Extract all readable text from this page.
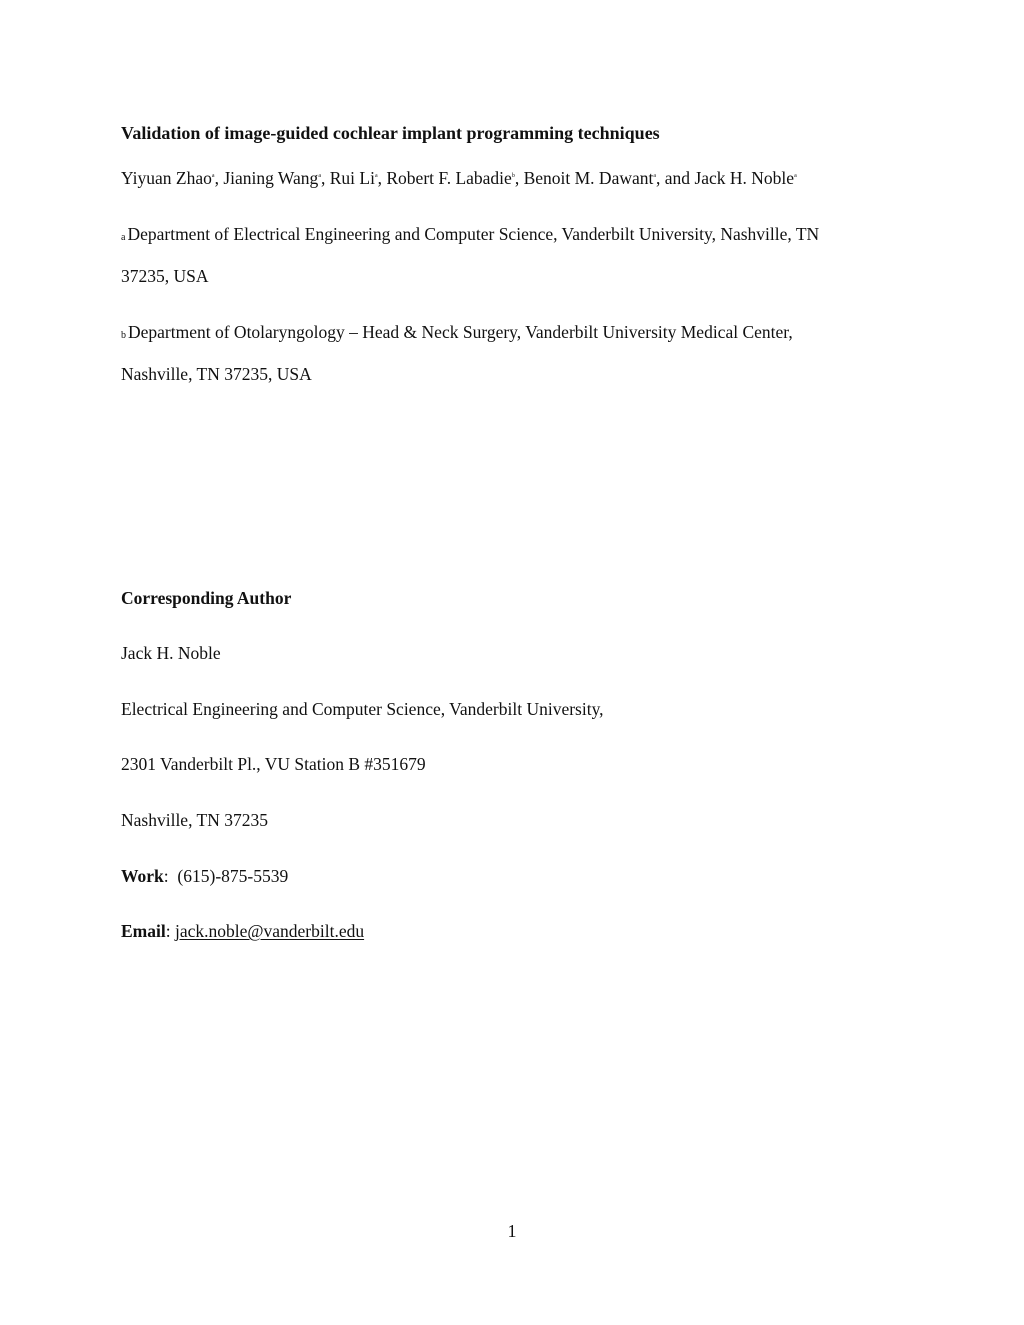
Validation of image-guided cochlear implant programming techniques
Yiyuan Zhao$^a$, Jianing Wang$^a$, Rui Li$^a$, Robert F. Labadie$^b$, Benoit M. Dawant$^a$, and Jack H. Noble$^a$
a Department of Electrical Engineering and Computer Science, Vanderbilt University, Nashville, TN
37235, USA
b Department of Otolaryngology – Head & Neck Surgery, Vanderbilt University Medical Center,
Nashville, TN 37235, USA
Corresponding Author
Jack H. Noble
Electrical Engineering and Computer Science, Vanderbilt University,
2301 Vanderbilt Pl., VU Station B #351679
Nashville, TN 37235
Work:  (615)-875-5539
Email: jack.noble@vanderbilt.edu
1
